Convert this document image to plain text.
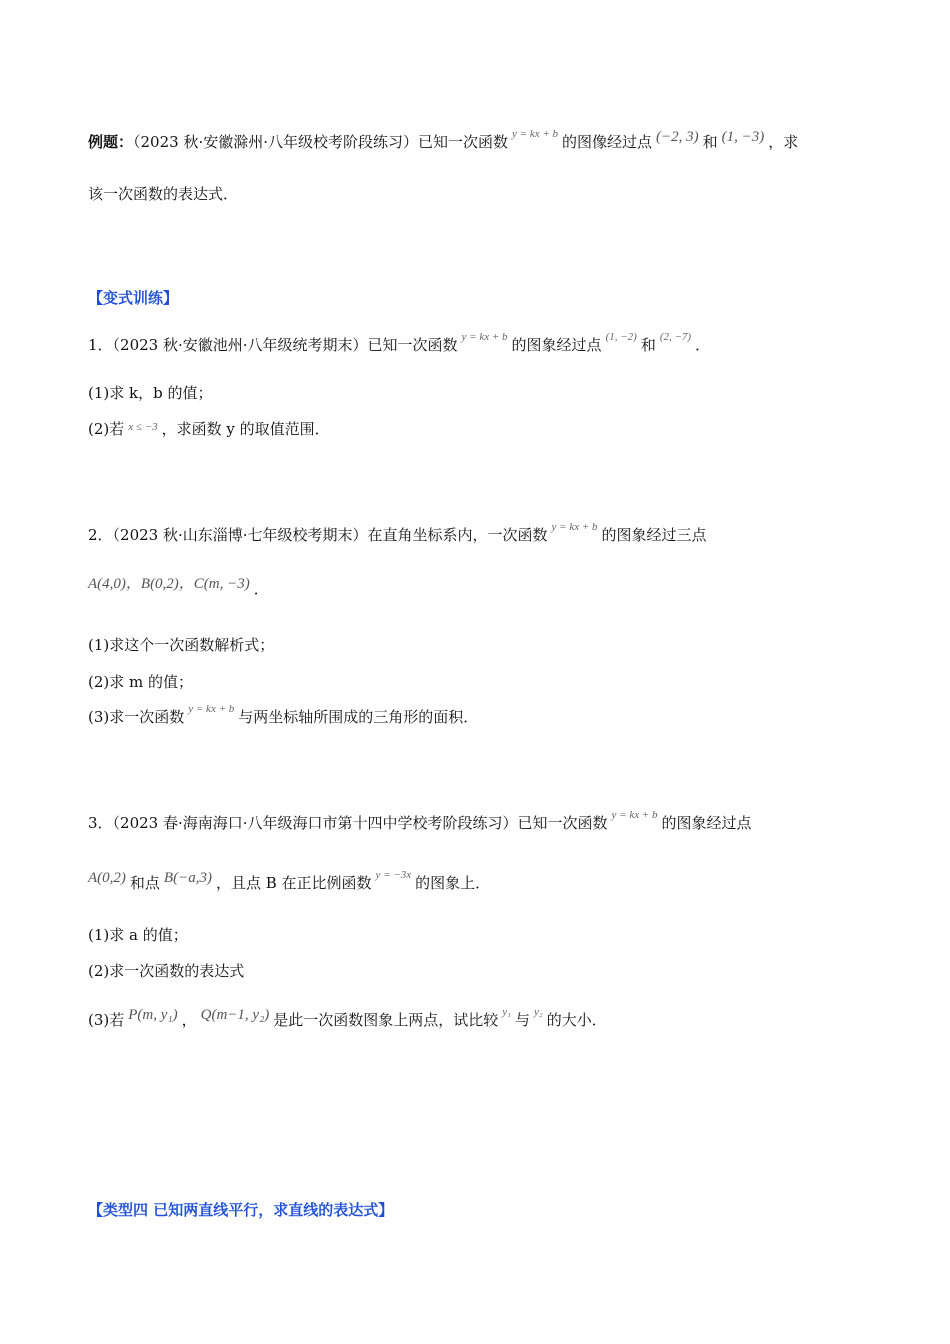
例题：（2023 秋·安徽滁州·八年级校考阶段练习）已知一次函数 y = kx + b 的图像经过点 (−2, 3) 和 (1, −3) ，求
该一次函数的表达式．
【变式训练】
1．（2023 秋·安徽池州·八年级统考期末）已知一次函数 y = kx + b 的图象经过点 (1, −2) 和 (2, −7) ．
(1)求 k，b 的值；
(2)若 x ≤ −3 ，求函数 y 的取值范围．
2．（2023 秋·山东淄博·七年级校考期末）在直角坐标系内，一次函数 y = kx + b 的图象经过三点
A(4,0)，B(0,2)，C(m, −3) ．
(1)求这个一次函数解析式；
(2)求 m 的值；
(3)求一次函数 y = kx + b 与两坐标轴所围成的三角形的面积．
3．（2023 春·海南海口·八年级海口市第十四中学校考阶段练习）已知一次函数 y = kx + b 的图象经过点
A(0,2) 和点 B(−a,3) ，且点 B 在正比例函数 y = −3x 的图象上．
(1)求 a 的值；
(2)求一次函数的表达式
(3)若 P(m, y₁) ， Q(m−1, y₂) 是此一次函数图象上两点，试比较 y₁ 与 y₂ 的大小．
【类型四 已知两直线平行，求直线的表达式】
